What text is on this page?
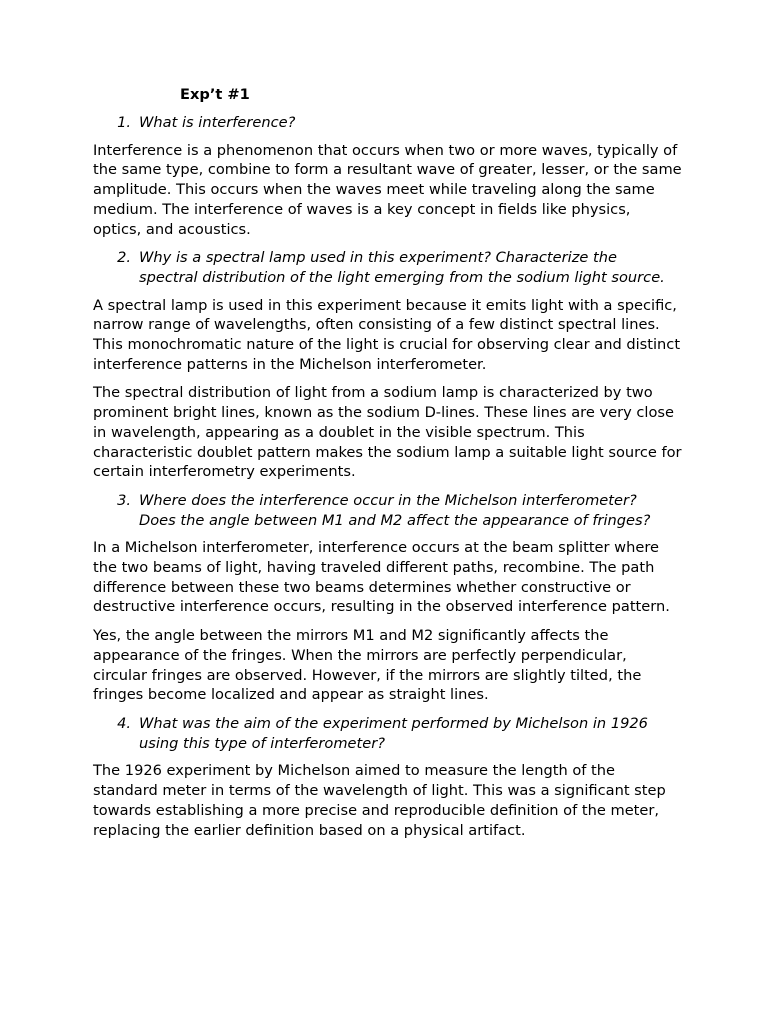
Exp’t #1
1. What is interference?

Interference is a phenomenon that occurs when two or more waves, typically of the same type, combine to form a resultant wave of greater, lesser, or the same amplitude. This occurs when the waves meet while traveling along the same medium. The interference of waves is a key concept in fields like physics, optics, and acoustics.

2. Why is a spectral lamp used in this experiment? Characterize the spectral distribution of the light emerging from the sodium light source.

A spectral lamp is used in this experiment because it emits light with a specific, narrow range of wavelengths, often consisting of a few distinct spectral lines. This monochromatic nature of the light is crucial for observing clear and distinct interference patterns in the Michelson interferometer.

The spectral distribution of light from a sodium lamp is characterized by two prominent bright lines, known as the sodium D-lines. These lines are very close in wavelength, appearing as a doublet in the visible spectrum. This characteristic doublet pattern makes the sodium lamp a suitable light source for certain interferometry experiments.

3. Where does the interference occur in the Michelson interferometer? Does the angle between M1 and M2 affect the appearance of fringes?

In a Michelson interferometer, interference occurs at the beam splitter where the two beams of light, having traveled different paths, recombine. The path difference between these two beams determines whether constructive or destructive interference occurs, resulting in the observed interference pattern.

Yes, the angle between the mirrors M1 and M2 significantly affects the appearance of the fringes. When the mirrors are perfectly perpendicular, circular fringes are observed. However, if the mirrors are slightly tilted, the fringes become localized and appear as straight lines.

4. What was the aim of the experiment performed by Michelson in 1926 using this type of interferometer?

The 1926 experiment by Michelson aimed to measure the length of the standard meter in terms of the wavelength of light. This was a significant step towards establishing a more precise and reproducible definition of the meter, replacing the earlier definition based on a physical artifact.
